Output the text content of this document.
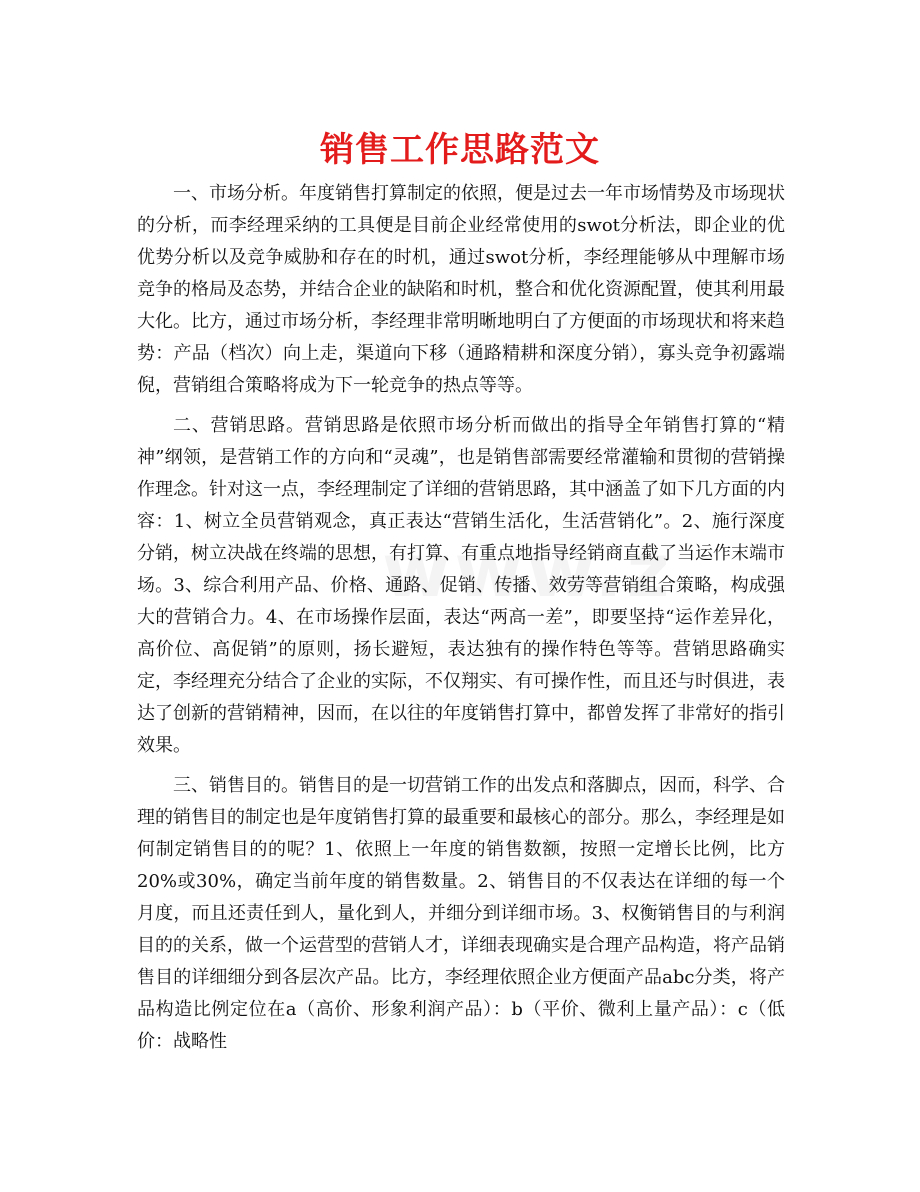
销售工作思路范文

一、市场分析。年度销售打算制定的依照，便是过去一年市场情势及市场现状的分析，而李经理采纳的工具便是目前企业经常使用的swot分析法，即企业的优优势分析以及竞争威胁和存在的时机，通过swot分析，李经理能够从中理解市场竞争的格局及态势，并结合企业的缺陷和时机，整合和优化资源配置，使其利用最大化。比方，通过市场分析，李经理非常明晰地明白了方便面的市场现状和将来趋势：产品（档次）向上走，渠道向下移（通路精耕和深度分销），寡头竞争初露端倪，营销组合策略将成为下一轮竞争的热点等等。

二、营销思路。营销思路是依照市场分析而做出的指导全年销售打算的“精神”纲领，是营销工作的方向和“灵魂”，也是销售部需要经常灌输和贯彻的营销操作理念。针对这一点，李经理制定了详细的营销思路，其中涵盖了如下几方面的内容：1、树立全员营销观念，真正表达“营销生活化，生活营销化”。2、施行深度分销，树立决战在终端的思想，有打算、有重点地指导经销商直截了当运作末端市场。3、综合利用产品、价格、通路、促销、传播、效劳等营销组合策略，构成强大的营销合力。4、在市场操作层面，表达“两高一差”，即要坚持“运作差异化，高价位、高促销”的原则，扬长避短，表达独有的操作特色等等。营销思路确实定，李经理充分结合了企业的实际，不仅翔实、有可操作性，而且还与时俱进，表达了创新的营销精神，因而，在以往的年度销售打算中，都曾发挥了非常好的指引效果。

三、销售目的。销售目的是一切营销工作的出发点和落脚点，因而，科学、合理的销售目的制定也是年度销售打算的最重要和最核心的部分。那么，李经理是如何制定销售目的的呢？1、依照上一年度的销售数额，按照一定增长比例，比方20%或30%，确定当前年度的销售数量。2、销售目的不仅表达在详细的每一个月度，而且还责任到人，量化到人，并细分到详细市场。3、权衡销售目的与利润目的的关系，做一个运营型的营销人才，详细表现确实是合理产品构造，将产品销售目的详细细分到各层次产品。比方，李经理依照企业方便面产品abc分类，将产品构造比例定位在a（高价、形象利润产品）：b（平价、微利上量产品）：c（低价：战略性
